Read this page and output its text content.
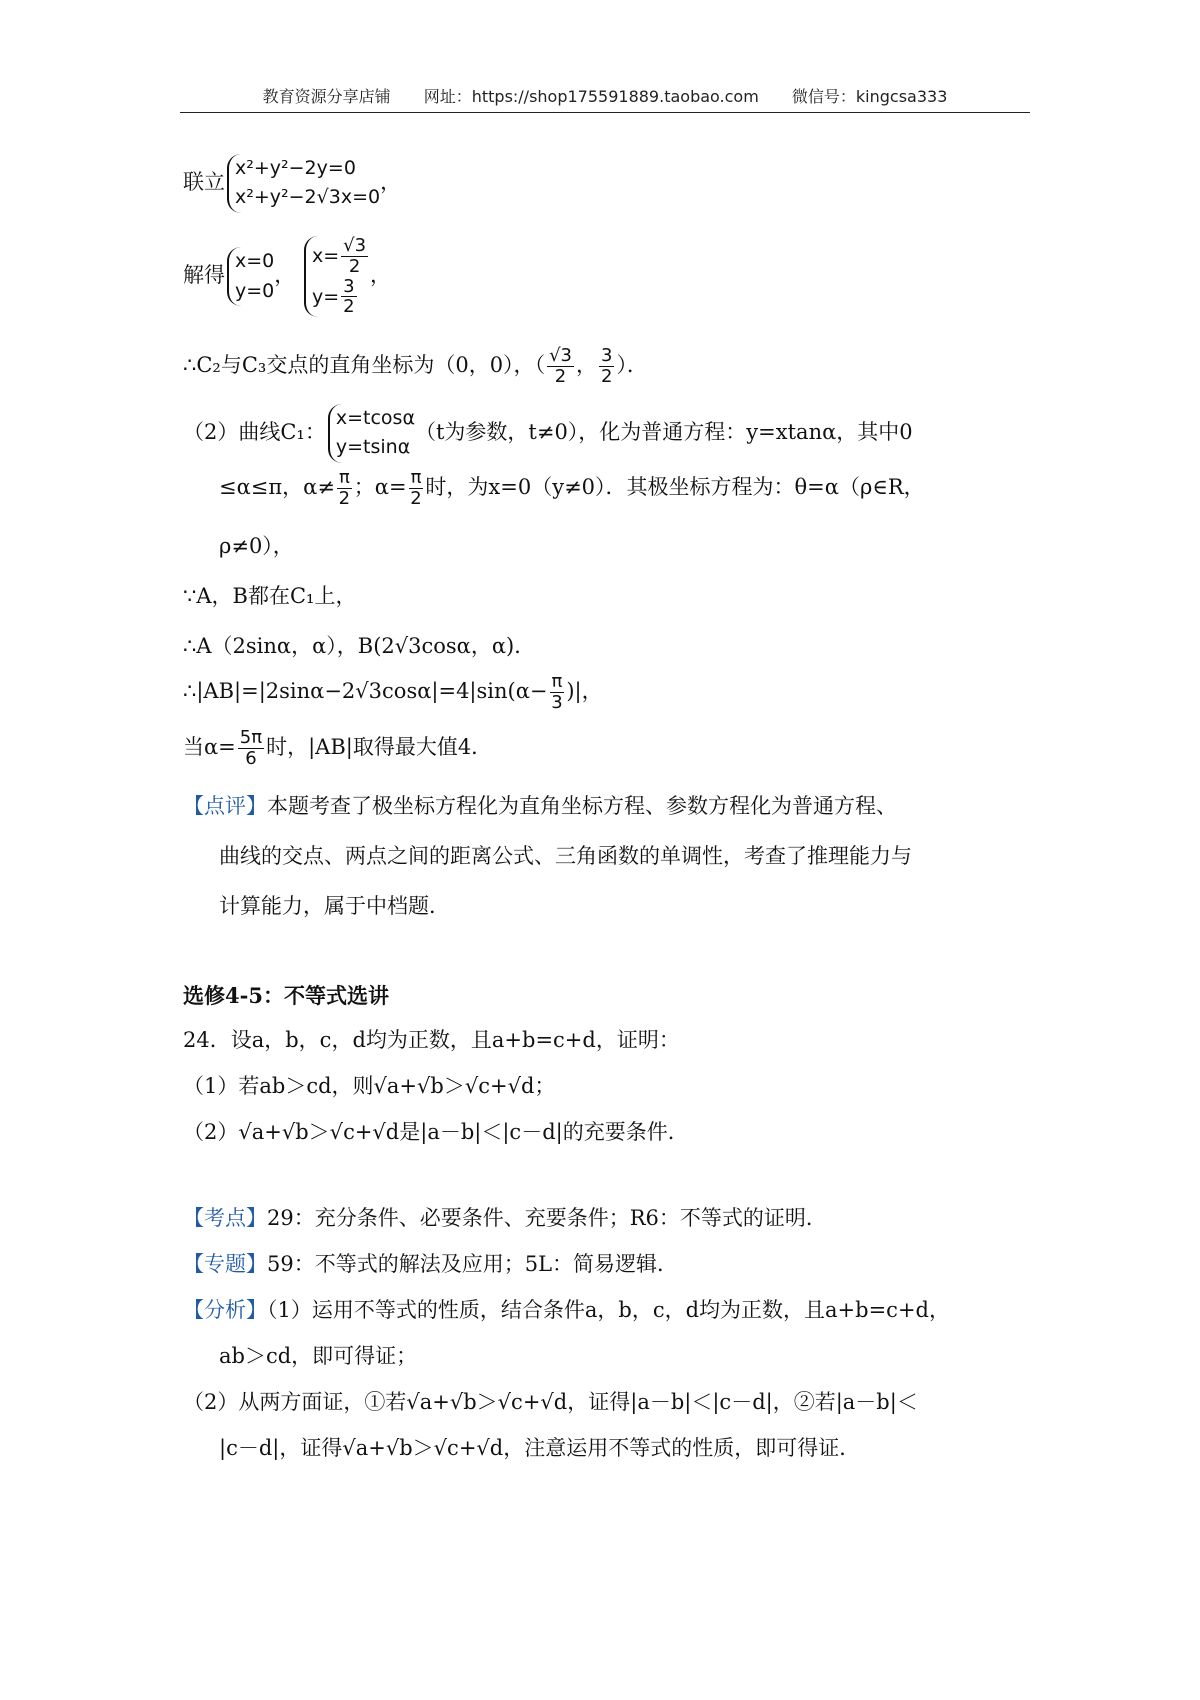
教育资源分享店铺 网址：https://shop175591889.taobao.com 微信号：kingcsa333
联立x²+y²−2y=0
x²+y²−2√3x=0，
解得x=0
y=0， $x= \frac{√3}{2}$

$y= \frac{3}{2}$
，
∴C₂与C₃交点的直角坐标为（0，0），（ $\frac{√3}{2}$ ， $\frac{3}{2}$ ）．
（2）曲线C₁：x=tcosα
y=tsinα（t为参数，t≠0），化为普通方程：y=xtanα，其中0
≤α≤π，$\alpha\ne \frac{\pi}{2}$ ；$\alpha= \frac{\pi}{2}$ 时，为x=0（y≠0）．其极坐标方程为：θ=α（ρ∈R，
ρ≠0），
∵A，B都在C₁上，
∴A（2sinα，α），B(2√3cosα，α)．
∴|AB|=|2sinα−2√3cosα|=4|sin(α− $\frac{\pi}{3}$ )|，
当$\alpha= \frac{5\pi}{6}$ 时，|AB|取得最大值4．
【点评】本题考查了极坐标方程化为直角坐标方程、参数方程化为普通方程、
曲线的交点、两点之间的距离公式、三角函数的单调性，考查了推理能力与
计算能力，属于中档题．
选修4-5：不等式选讲
24．设a，b，c，d均为正数，且a+b=c+d，证明：
（1）若ab＞cd，则√a+√b＞√c+√d；
（2）√a+√b＞√c+√d是|a－b|＜|c－d|的充要条件．
【考点】29：充分条件、必要条件、充要条件；R6：不等式的证明．
【专题】59：不等式的解法及应用；5L：简易逻辑．
【分析】（1）运用不等式的性质，结合条件a，b，c，d均为正数，且a+b=c+d，
ab＞cd，即可得证；
（2）从两方面证，①若√a+√b＞√c+√d，证得|a－b|＜|c－d|，②若|a－b|＜
|c－d|，证得√a+√b＞√c+√d，注意运用不等式的性质，即可得证．
